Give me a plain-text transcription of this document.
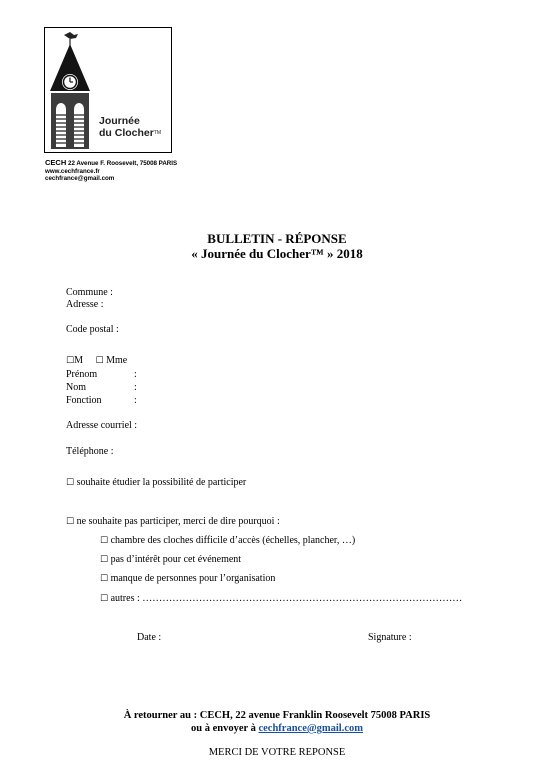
Journée
du ClocherTM
CECH 22 Avenue F. Roosevelt, 75008 PARIS
www.cechfrance.fr
cechfrance@gmail.com
BULLETIN - RÉPONSE
« Journée du Clocher™ » 2018
Commune :
Adresse :
Code postal :
☐M ☐ Mme
Prénom	:
Nom	:
Fonction	:
Adresse courriel :
Téléphone :
☐ souhaite étudier la possibilité de participer
☐ ne souhaite pas participer, merci de dire pourquoi :
☐ chambre des cloches difficile d’accès (échelles, plancher, …)
☐ pas d’intérêt pour cet événement
☐ manque de personnes pour l’organisation
☐ autres : ……………………………………………………………………………………
Date :	Signature :
À retourner au : CECH, 22 avenue Franklin Roosevelt 75008 PARIS
ou à envoyer à cechfrance@gmail.com
MERCI DE VOTRE REPONSE
